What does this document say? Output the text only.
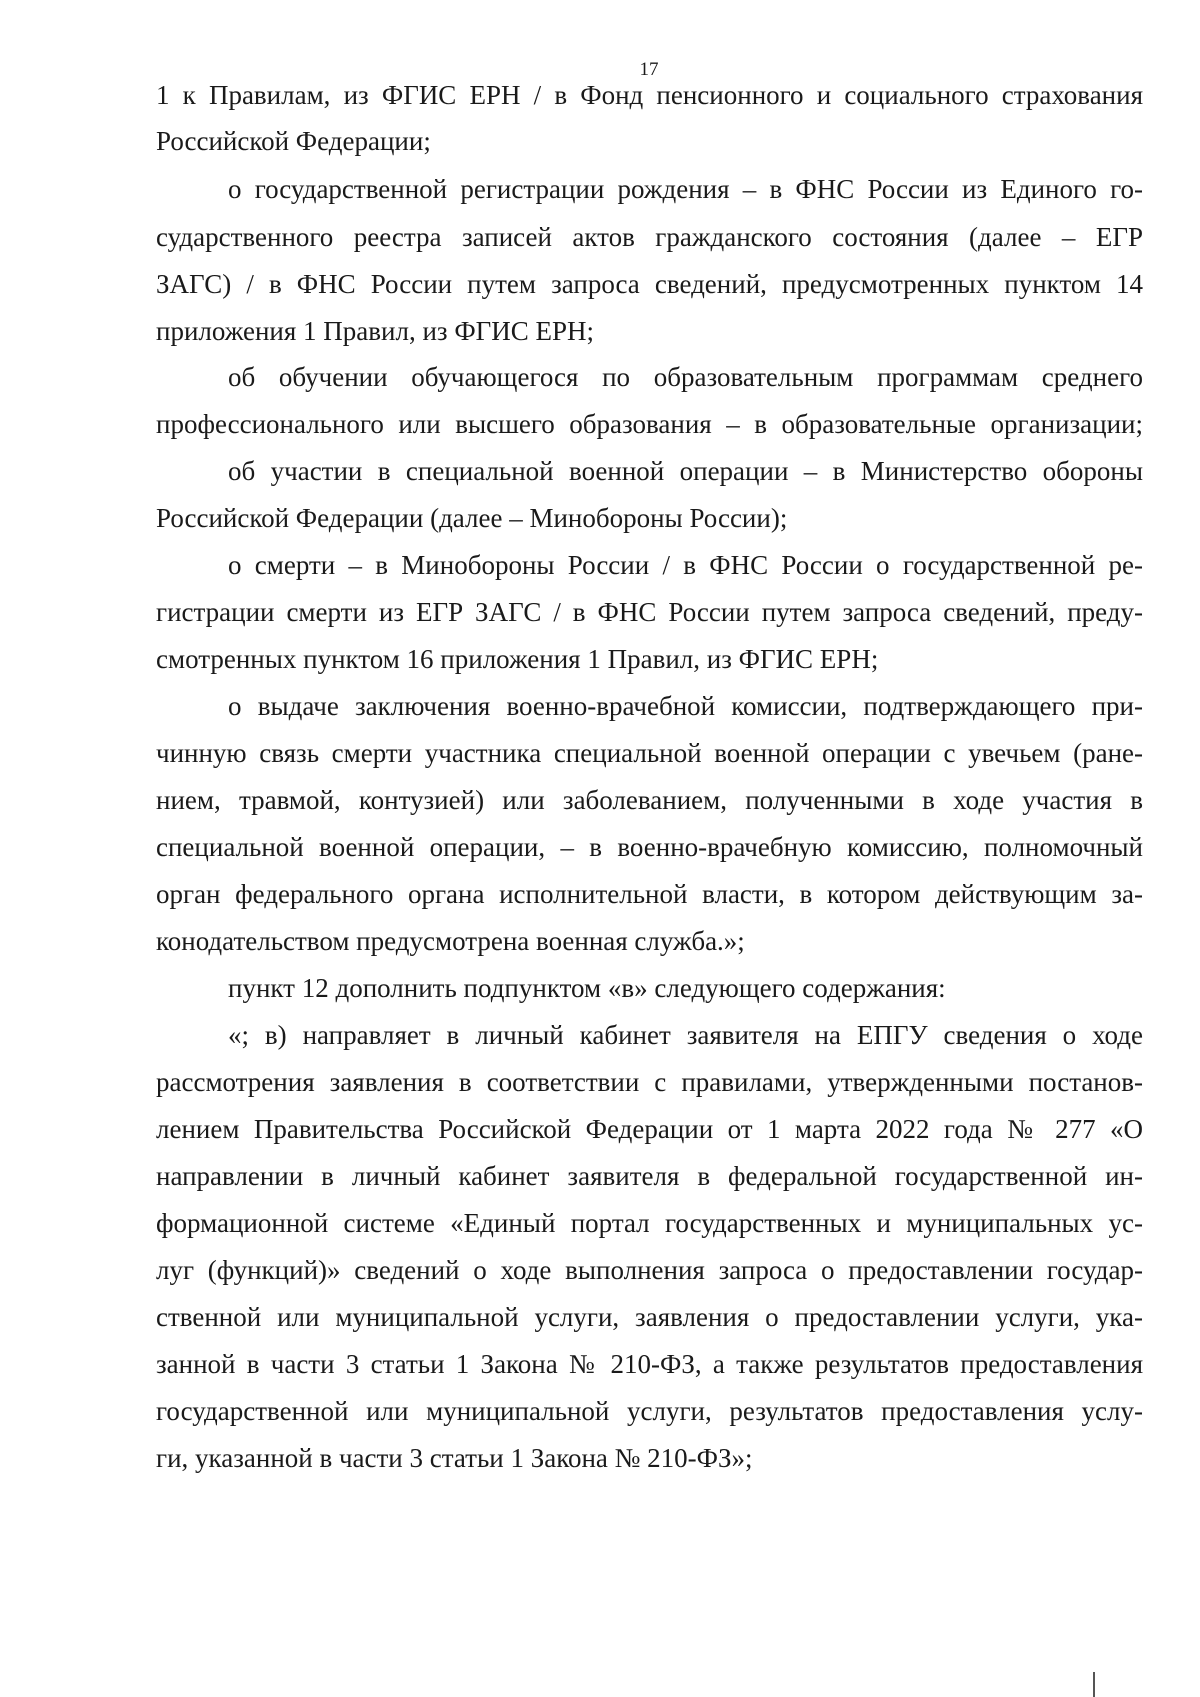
17
1 к Правилам, из ФГИС ЕРН / в Фонд пенсионного и социального страхования
Российской Федерации;
о государственной регистрации рождения – в ФНС России из Единого го-
сударственного реестра записей актов гражданского состояния (далее – ЕГР
ЗАГС) / в ФНС России путем запроса сведений, предусмотренных пунктом 14
приложения 1 Правил, из ФГИС ЕРН;
об обучении обучающегося по образовательным программам среднего
профессионального или высшего образования – в образовательные организации;
об участии в специальной военной операции – в Министерство обороны
Российской Федерации (далее – Минобороны России);
о смерти – в Минобороны России / в ФНС России о государственной ре-
гистрации смерти из ЕГР ЗАГС / в ФНС России путем запроса сведений, преду-
смотренных пунктом 16 приложения 1 Правил, из ФГИС ЕРН;
о выдаче заключения военно-врачебной комиссии, подтверждающего при-
чинную связь смерти участника специальной военной операции с увечьем (ране-
нием, травмой, контузией) или заболеванием, полученными в ходе участия в
специальной военной операции, – в военно-врачебную комиссию, полномочный
орган федерального органа исполнительной власти, в котором действующим за-
конодательством предусмотрена военная служба.»;
пункт 12 дополнить подпунктом «в» следующего содержания:
«; в) направляет в личный кабинет заявителя на ЕПГУ сведения о ходе
рассмотрения заявления в соответствии с правилами, утвержденными постанов-
лением Правительства Российской Федерации от 1 марта 2022 года № 277 «О
направлении в личный кабинет заявителя в федеральной государственной ин-
формационной системе «Единый портал государственных и муниципальных ус-
луг (функций)» сведений о ходе выполнения запроса о предоставлении государ-
ственной или муниципальной услуги, заявления о предоставлении услуги, ука-
занной в части 3 статьи 1 Закона № 210-ФЗ, а также результатов предоставления
государственной или муниципальной услуги, результатов предоставления услу-
ги, указанной в части 3 статьи 1 Закона № 210-ФЗ»;
